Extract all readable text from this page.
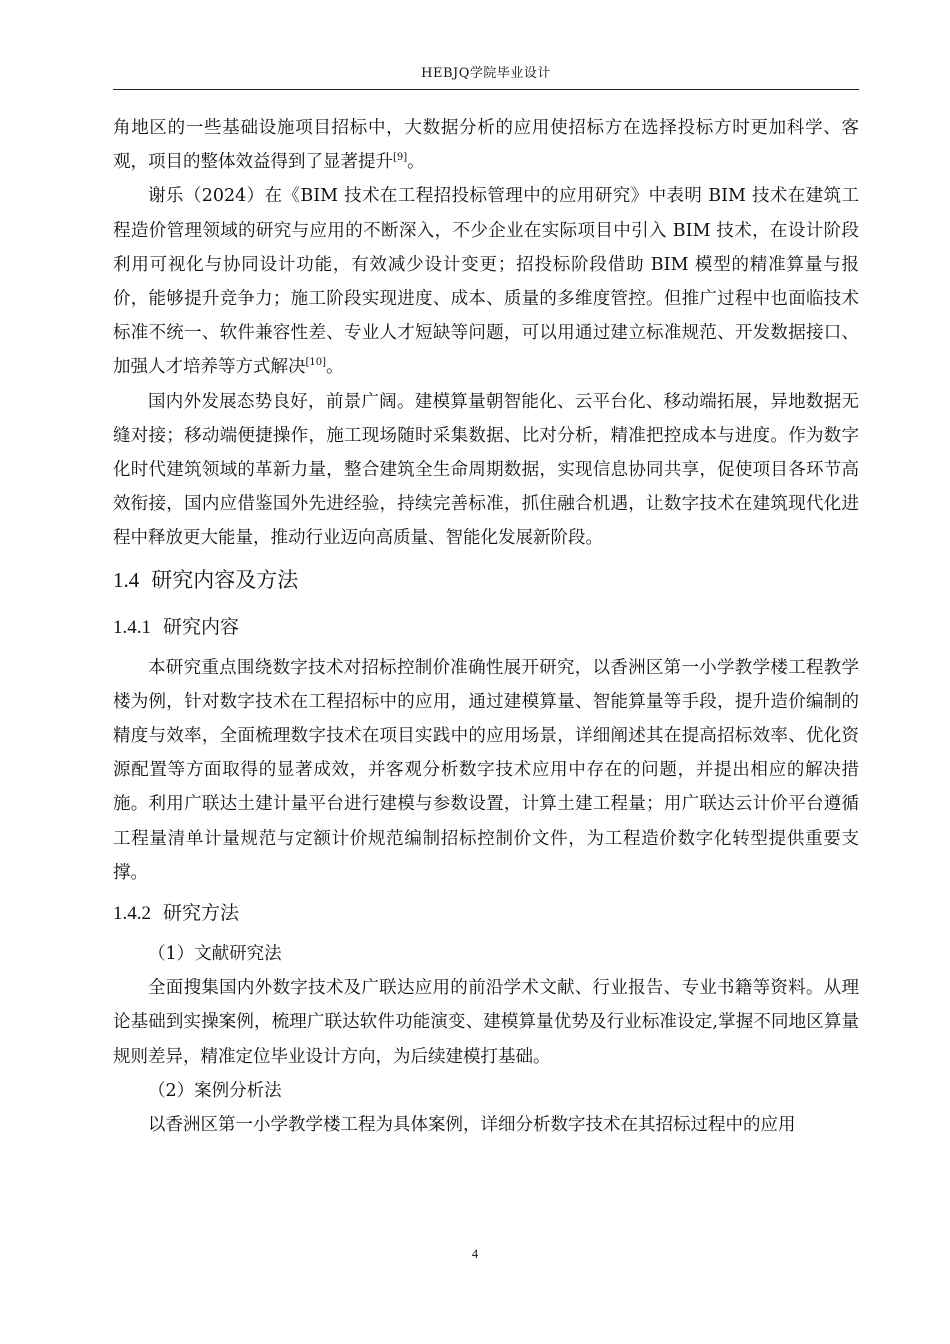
HEBJQ学院毕业设计

角地区的一些基础设施项目招标中，大数据分析的应用使招标方在选择投标方时更加科学、客观，项目的整体效益得到了显著提升[9]。

谢乐（2024）在《BIM 技术在工程招投标管理中的应用研究》中表明 BIM 技术在建筑工程造价管理领域的研究与应用的不断深入，不少企业在实际项目中引入 BIM 技术，在设计阶段利用可视化与协同设计功能，有效减少设计变更；招投标阶段借助 BIM 模型的精准算量与报价，能够提升竞争力；施工阶段实现进度、成本、质量的多维度管控。但推广过程中也面临技术标准不统一、软件兼容性差、专业人才短缺等问题，可以用通过建立标准规范、开发数据接口、加强人才培养等方式解决[10]。

国内外发展态势良好，前景广阔。建模算量朝智能化、云平台化、移动端拓展，异地数据无缝对接；移动端便捷操作，施工现场随时采集数据、比对分析，精准把控成本与进度。作为数字化时代建筑领域的革新力量，整合建筑全生命周期数据，实现信息协同共享，促使项目各环节高效衔接，国内应借鉴国外先进经验，持续完善标准，抓住融合机遇，让数字技术在建筑现代化进程中释放更大能量，推动行业迈向高质量、智能化发展新阶段。

1.4 研究内容及方法
1.4.1 研究内容

本研究重点围绕数字技术对招标控制价准确性展开研究，以香洲区第一小学教学楼工程教学楼为例，针对数字技术在工程招标中的应用，通过建模算量、智能算量等手段，提升造价编制的精度与效率，全面梳理数字技术在项目实践中的应用场景，详细阐述其在提高招标效率、优化资源配置等方面取得的显著成效，并客观分析数字技术应用中存在的问题，并提出相应的解决措施。利用广联达土建计量平台进行建模与参数设置，计算土建工程量；用广联达云计价平台遵循工程量清单计量规范与定额计价规范编制招标控制价文件，为工程造价数字化转型提供重要支撑。

1.4.2 研究方法

（1）文献研究法

全面搜集国内外数字技术及广联达应用的前沿学术文献、行业报告、专业书籍等资料。从理论基础到实操案例，梳理广联达软件功能演变、建模算量优势及行业标准设定,掌握不同地区算量规则差异，精准定位毕业设计方向，为后续建模打基础。

（2）案例分析法

以香洲区第一小学教学楼工程为具体案例，详细分析数字技术在其招标过程中的应用

4
